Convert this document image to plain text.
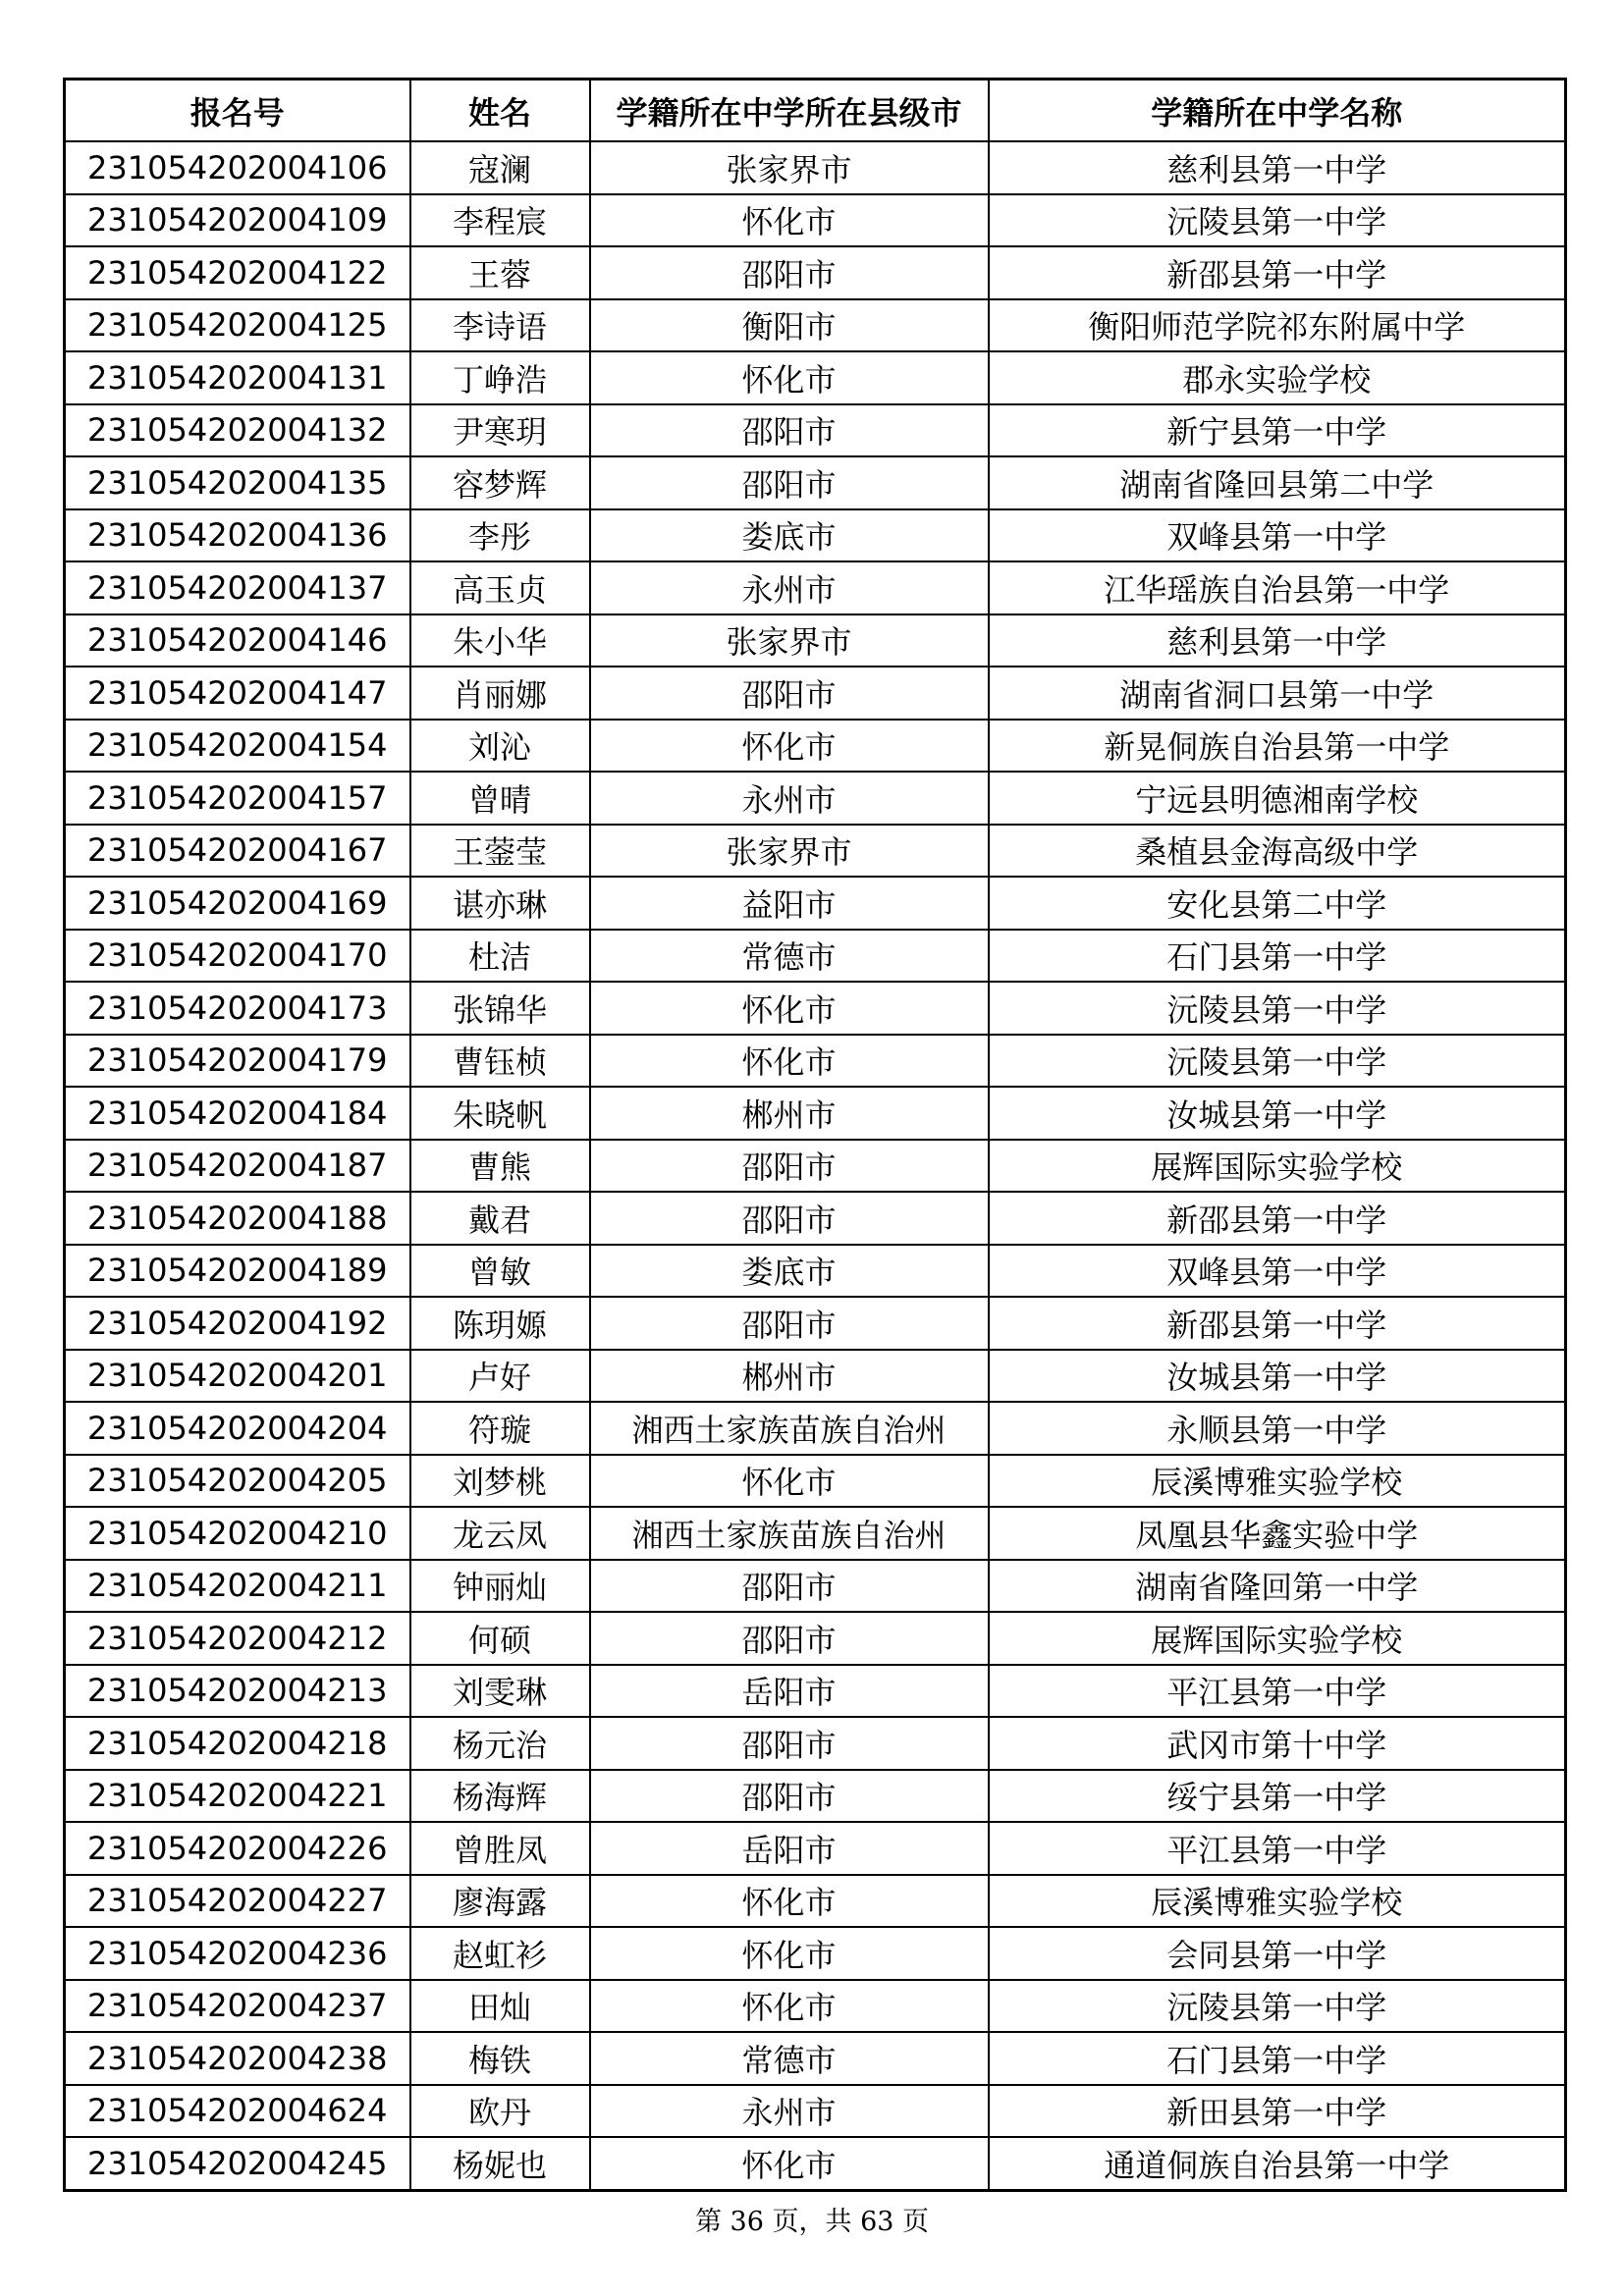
报名号	姓名	学籍所在中学所在县级市	学籍所在中学名称
231054202004106	寇澜	张家界市	慈利县第一中学
231054202004109	李程宸	怀化市	沅陵县第一中学
231054202004122	王蓉	邵阳市	新邵县第一中学
231054202004125	李诗语	衡阳市	衡阳师范学院祁东附属中学
231054202004131	丁峥浩	怀化市	郡永实验学校
231054202004132	尹寒玥	邵阳市	新宁县第一中学
231054202004135	容梦辉	邵阳市	湖南省隆回县第二中学
231054202004136	李彤	娄底市	双峰县第一中学
231054202004137	高玉贞	永州市	江华瑶族自治县第一中学
231054202004146	朱小华	张家界市	慈利县第一中学
231054202004147	肖丽娜	邵阳市	湖南省洞口县第一中学
231054202004154	刘沁	怀化市	新晃侗族自治县第一中学
231054202004157	曾晴	永州市	宁远县明德湘南学校
231054202004167	王蓥莹	张家界市	桑植县金海高级中学
231054202004169	谌亦琳	益阳市	安化县第二中学
231054202004170	杜洁	常德市	石门县第一中学
231054202004173	张锦华	怀化市	沅陵县第一中学
231054202004179	曹钰桢	怀化市	沅陵县第一中学
231054202004184	朱晓帆	郴州市	汝城县第一中学
231054202004187	曹熊	邵阳市	展辉国际实验学校
231054202004188	戴君	邵阳市	新邵县第一中学
231054202004189	曾敏	娄底市	双峰县第一中学
231054202004192	陈玥嫄	邵阳市	新邵县第一中学
231054202004201	卢好	郴州市	汝城县第一中学
231054202004204	符璇	湘西土家族苗族自治州	永顺县第一中学
231054202004205	刘梦桃	怀化市	辰溪博雅实验学校
231054202004210	龙云凤	湘西土家族苗族自治州	凤凰县华鑫实验中学
231054202004211	钟丽灿	邵阳市	湖南省隆回第一中学
231054202004212	何硕	邵阳市	展辉国际实验学校
231054202004213	刘雯琳	岳阳市	平江县第一中学
231054202004218	杨元治	邵阳市	武冈市第十中学
231054202004221	杨海辉	邵阳市	绥宁县第一中学
231054202004226	曾胜凤	岳阳市	平江县第一中学
231054202004227	廖海露	怀化市	辰溪博雅实验学校
231054202004236	赵虹衫	怀化市	会同县第一中学
231054202004237	田灿	怀化市	沅陵县第一中学
231054202004238	梅铁	常德市	石门县第一中学
231054202004624	欧丹	永州市	新田县第一中学
231054202004245	杨妮也	怀化市	通道侗族自治县第一中学
第 36 页，共 63 页
